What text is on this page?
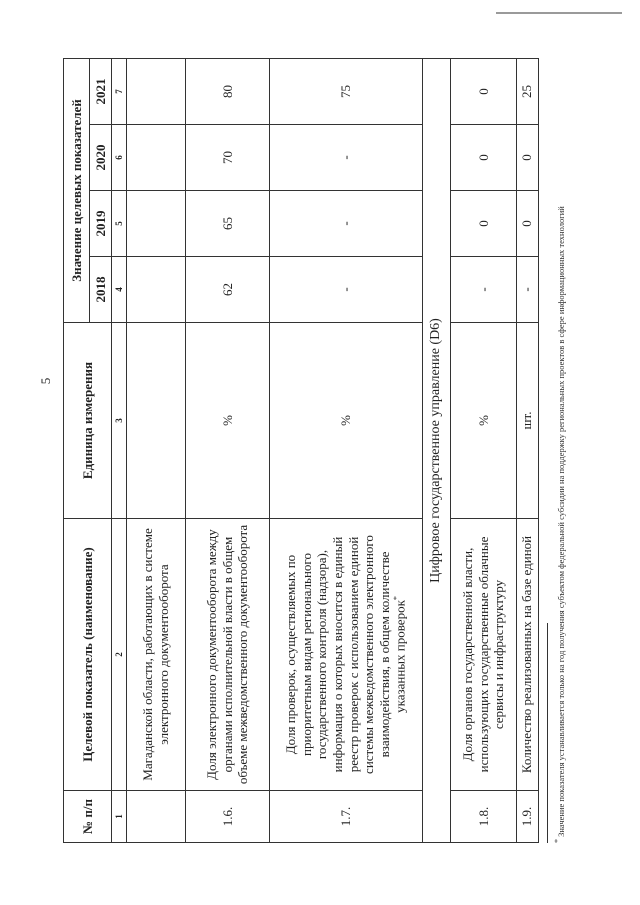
5
№ п/п	Целевой показатель (наименование)	Единица измерения	Значение целевых показателей			
			2018	2019	2020	2021
1	2	3	4	5	6	7
	Магаданской области, работающих в системе электронного документооборота					
1.6.	Доля электронного документооборота между органами исполнительной власти в общем объеме межведомственного документооборота	%	62	65	70	80
1.7.	Доля проверок, осуществляемых по приоритетным видам регионального государственного контроля (надзора), информация о которых вносится в единый реестр проверок с использованием единой системы межведомственного электронного взаимодействия, в общем количестве указанных проверок*	%	-	-	-	75
Цифровое государственное управление (D6)						
1.8.	Доля органов государственной власти, использующих государственные облачные сервисы и инфраструктуру	%	-	0	0	0
1.9.	Количество реализованных на базе единой	шт.	-	0	0	25
* Значение показателя устанавливается только на год получения субъектом федеральной субсидии на поддержку региональных проектов в сфере информационных технологий
